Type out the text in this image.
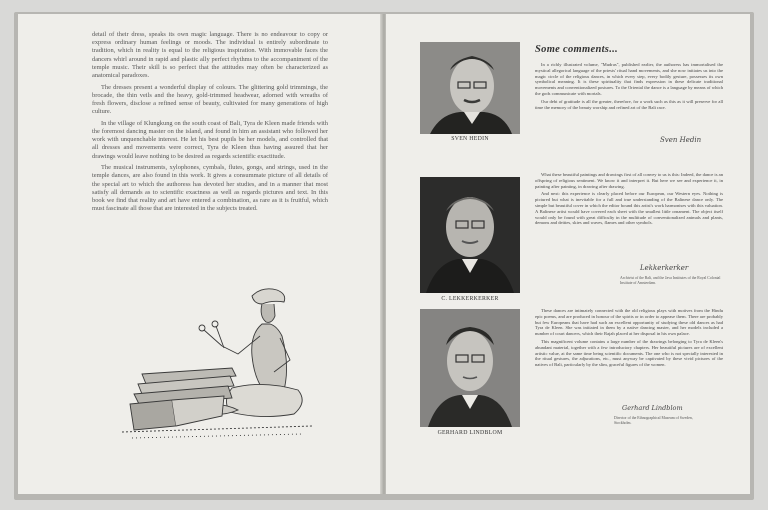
detail of their dress, speaks its own magic language. There is no endeavour to copy or express ordinary human feelings or moods. The individual is entirely subordinate to tradition, which in reality is equal to the religious inspiration. With immovable faces the dancers whirl around in rapid and plastic ally perfect rhythms to the accompaniment of the temple music. Their skill is so perfect that the attitudes may often be characterized as anatomical paradoxes.

The dresses present a wonderful display of colours. The glittering gold trimmings, the brocade, the thin veils and the heavy, gold-trimmed headwear, adorned with wreaths of fresh flowers, disclose a refined sense of beauty, cultivated for many generations of high culture.

In the village of Klungkung on the south coast of Bali, Tyra de Kleen made friends with the foremost dancing master on the island, and found in him an assistant who followed her work with unquenchable interest. He let his best pupils be her models, and controlled that all dresses and movements were correct, Tyra de Kleen thus having assured that her drawings would leave nothing to be desired as regards scientific exactitude.

The musical instruments, xylophones, cymbals, flutes, gongs, and strings, used in the temple dances, are also found in this work. It gives a consummate picture of all details of the special art to which the authoress has devoted her studies, and in a manner that most satisfy all demands as to scientific exactness as well as regards pictures and text. In this book we find that reality and art have entered a combination, as rare as it is fruitful, which must fascinate all those that are interested in the subjects treated.

SVEN HEDIN
C. LEKKERKERKER
GERHARD LINDBLOM
Some comments...

In a richly illustrated volume, "Mudras", published earlier, the authoress has immortalised the mystical allegorical language of the priests' ritual hand movements, and she now initiates us into the magic circle of the religious dances, in which every step, every bodily gesture, possesses its own symbolical meaning. It is these spirituality that finds expression in these delicate traditional movements and conventionalized postures. To the Oriental the dance is a language by means of which the gods communicate with mortals.

Our debt of gratitude is all the greater, therefore, for a work such as this as it will preserve for all time the memory of the beauty worship and refined art of the Bali race.

Sven Hedin

What these beautiful paintings and drawings first of all convey to us is this: Indeed, the dance is an offspring of religious sentiment. We know it and interpret it. But here we see and experience it, in painting after painting, in drawing after drawing.

And next: this experience is clearly placed before our European, our Western eyes. Nothing is pictured but what is inevitable for a full and true understanding of the Balinese dance only. The simple but beautiful cover in which the editor bound this artist's work harmonises with this valuation. A Balinese artist would have covered each sheet with the smallest little ornament. The object itself would only be found with great difficulty in the multitude of conventionalized animals and plants, demons and deities, skies and waves, flames and other symbols.

Lekkerkerker
Archivist of the Bali, and the Java Institutes of the Royal Colonial Institute of Amsterdam.

These dances are intimately connected with the old religious plays with motives from the Hindu epic poems, and are produced in honour of the spirits or in order to appease them. There are probably but few Europeans that have had such an excellent opportunity of studying these old dances as had Tyra de Kleen. She was initiated in them by a native dancing master, and her models included a number of court dancers, which their Rajah placed at her disposal in his own palace.

This magnificent volume contains a large number of the drawings belonging to Tyra de Kleen's abundant material, together with a few introductory chapters. Her beautiful pictures are of excellent artistic value, at the same time being scientific documents. The one who is not specially interested in the ritual gestures, the adjurations, etc., must anyway be captivated by these vivid pictures of the natives of Bali, particularly by the slim, graceful figures of the women.

Gerhard Lindblom
Director of the Ethnographical Museum of Sweden, Stockholm.
